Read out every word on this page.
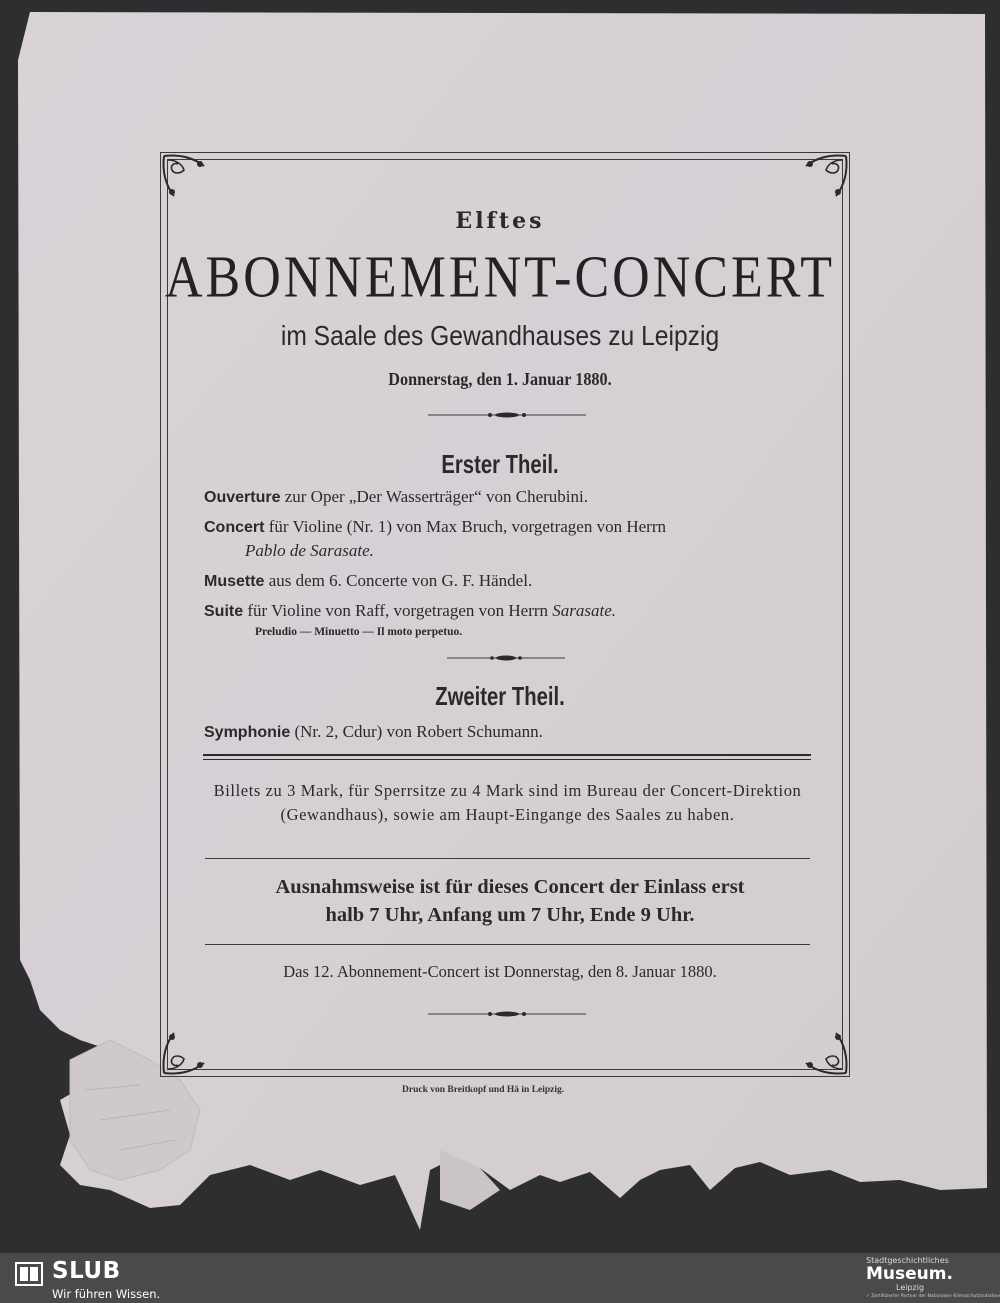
Elftes
ABONNEMENT-CONCERT
im Saale des Gewandhauses zu Leipzig
Donnerstag, den 1. Januar 1880.
Erster Theil.
Ouverture zur Oper „Der Wasserträger“ von Cherubini.
Concert für Violine (Nr. 1) von Max Bruch, vorgetragen von Herrn
Pablo de Sarasate.
Musette aus dem 6. Concerte von G. F. Händel.
Suite für Violine von Raff, vorgetragen von Herrn Sarasate.
Preludio — Minuetto — Il moto perpetuo.
Zweiter Theil.
Symphonie (Nr. 2, Cdur) von Robert Schumann.
Billets zu 3 Mark, für Sperrsitze zu 4 Mark sind im Bureau der Concert-Direktion (Gewandhaus), sowie am Haupt-Eingange des Saales zu haben.
Ausnahmsweise ist für dieses Concert der Einlass erst
halb 7 Uhr, Anfang um 7 Uhr, Ende 9 Uhr.
Das 12. Abonnement-Concert ist Donnerstag, den 8. Januar 1880.
Druck von Breitkopf und Hä in Leipzig.
SLUB
Wir führen Wissen.
Stadtgeschichtliches
Museum.
Leipzig
✓ Zertifizierter Partner der Nationalen Klimaschutzinitiative
